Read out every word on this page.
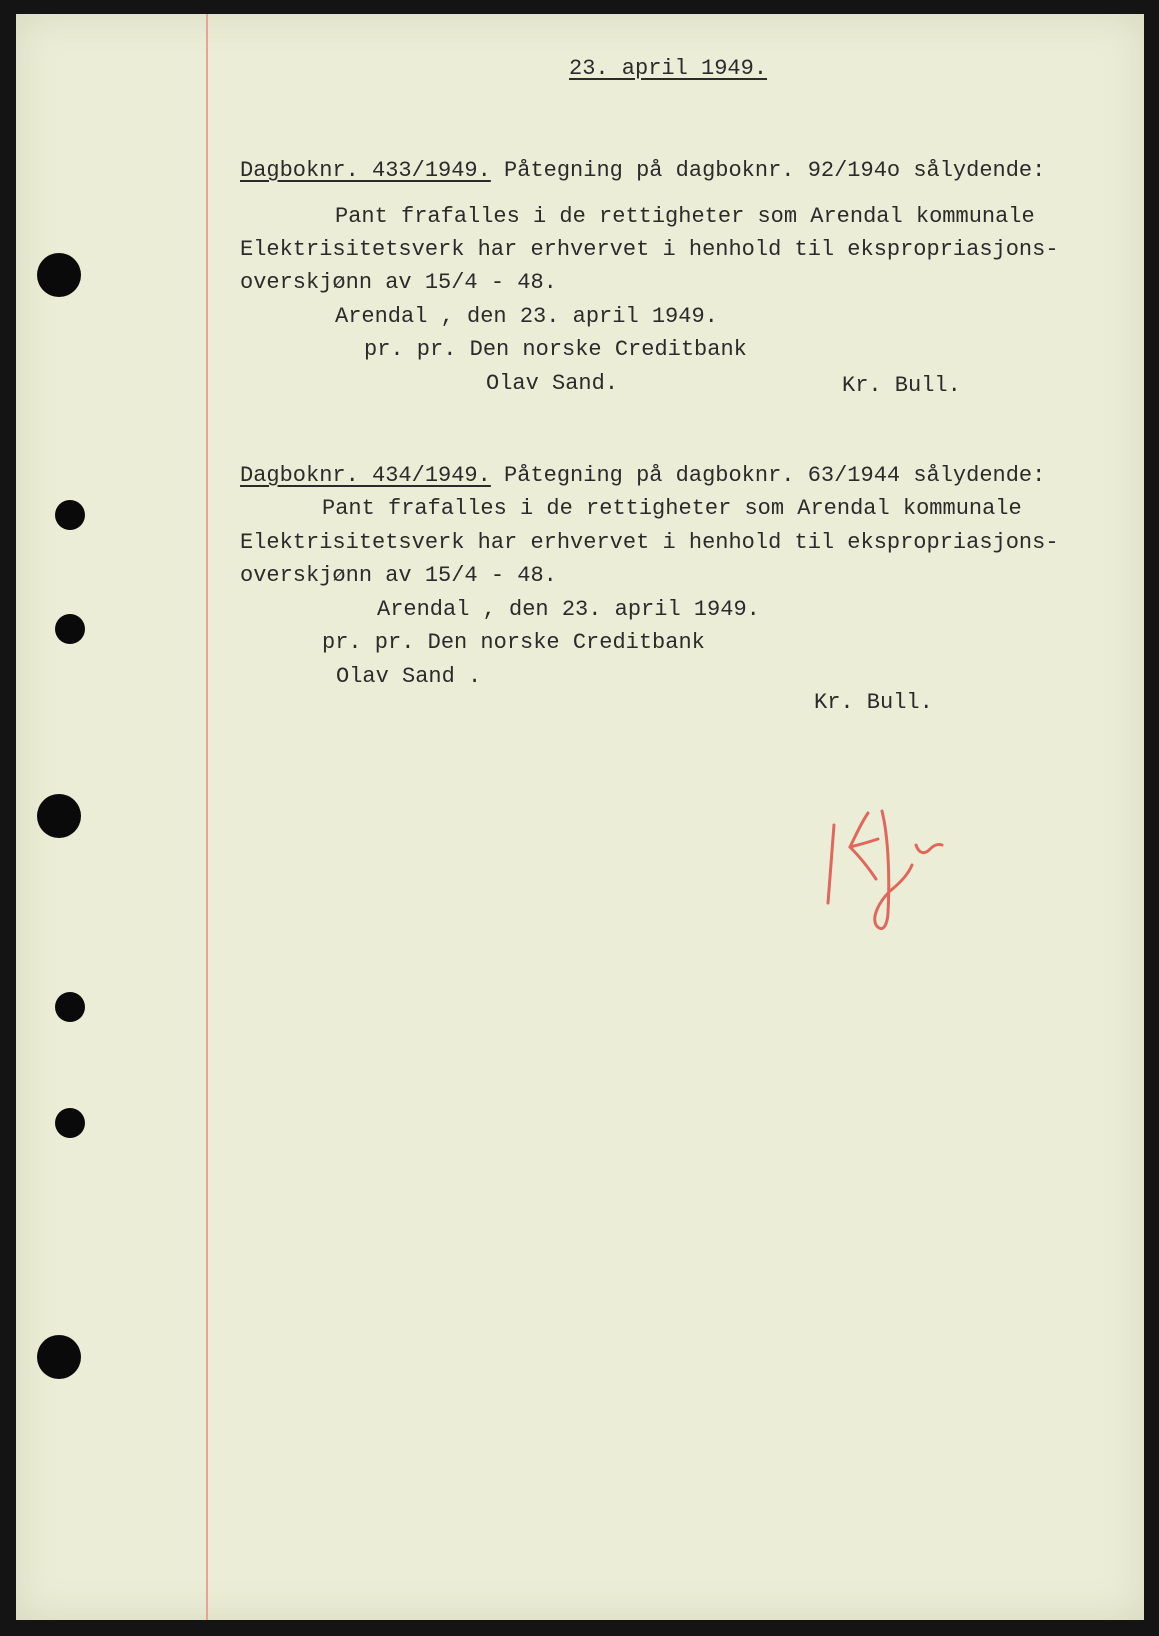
23. april 1949.
Dagboknr. 433/1949. Påtegning på dagboknr. 92/194o sålydende:
Pant frafalles i de rettigheter som Arendal kommunale
Elektrisitetsverk har erhvervet i henhold til ekspropriasjons-
overskjønn av 15/4 - 48.
Arendal , den 23. april 1949.
pr. pr. Den norske Creditbank
Olav Sand.	Kr. Bull.
Dagboknr. 434/1949. Påtegning på dagboknr. 63/1944 sålydende:
Pant frafalles i de rettigheter som Arendal kommunale
Elektrisitetsverk har erhvervet i henhold til ekspropriasjons-
overskjønn av 15/4 - 48.
Arendal , den 23. april 1949.
pr. pr. Den norske Creditbank
Olav Sand .
Kr. Bull.
